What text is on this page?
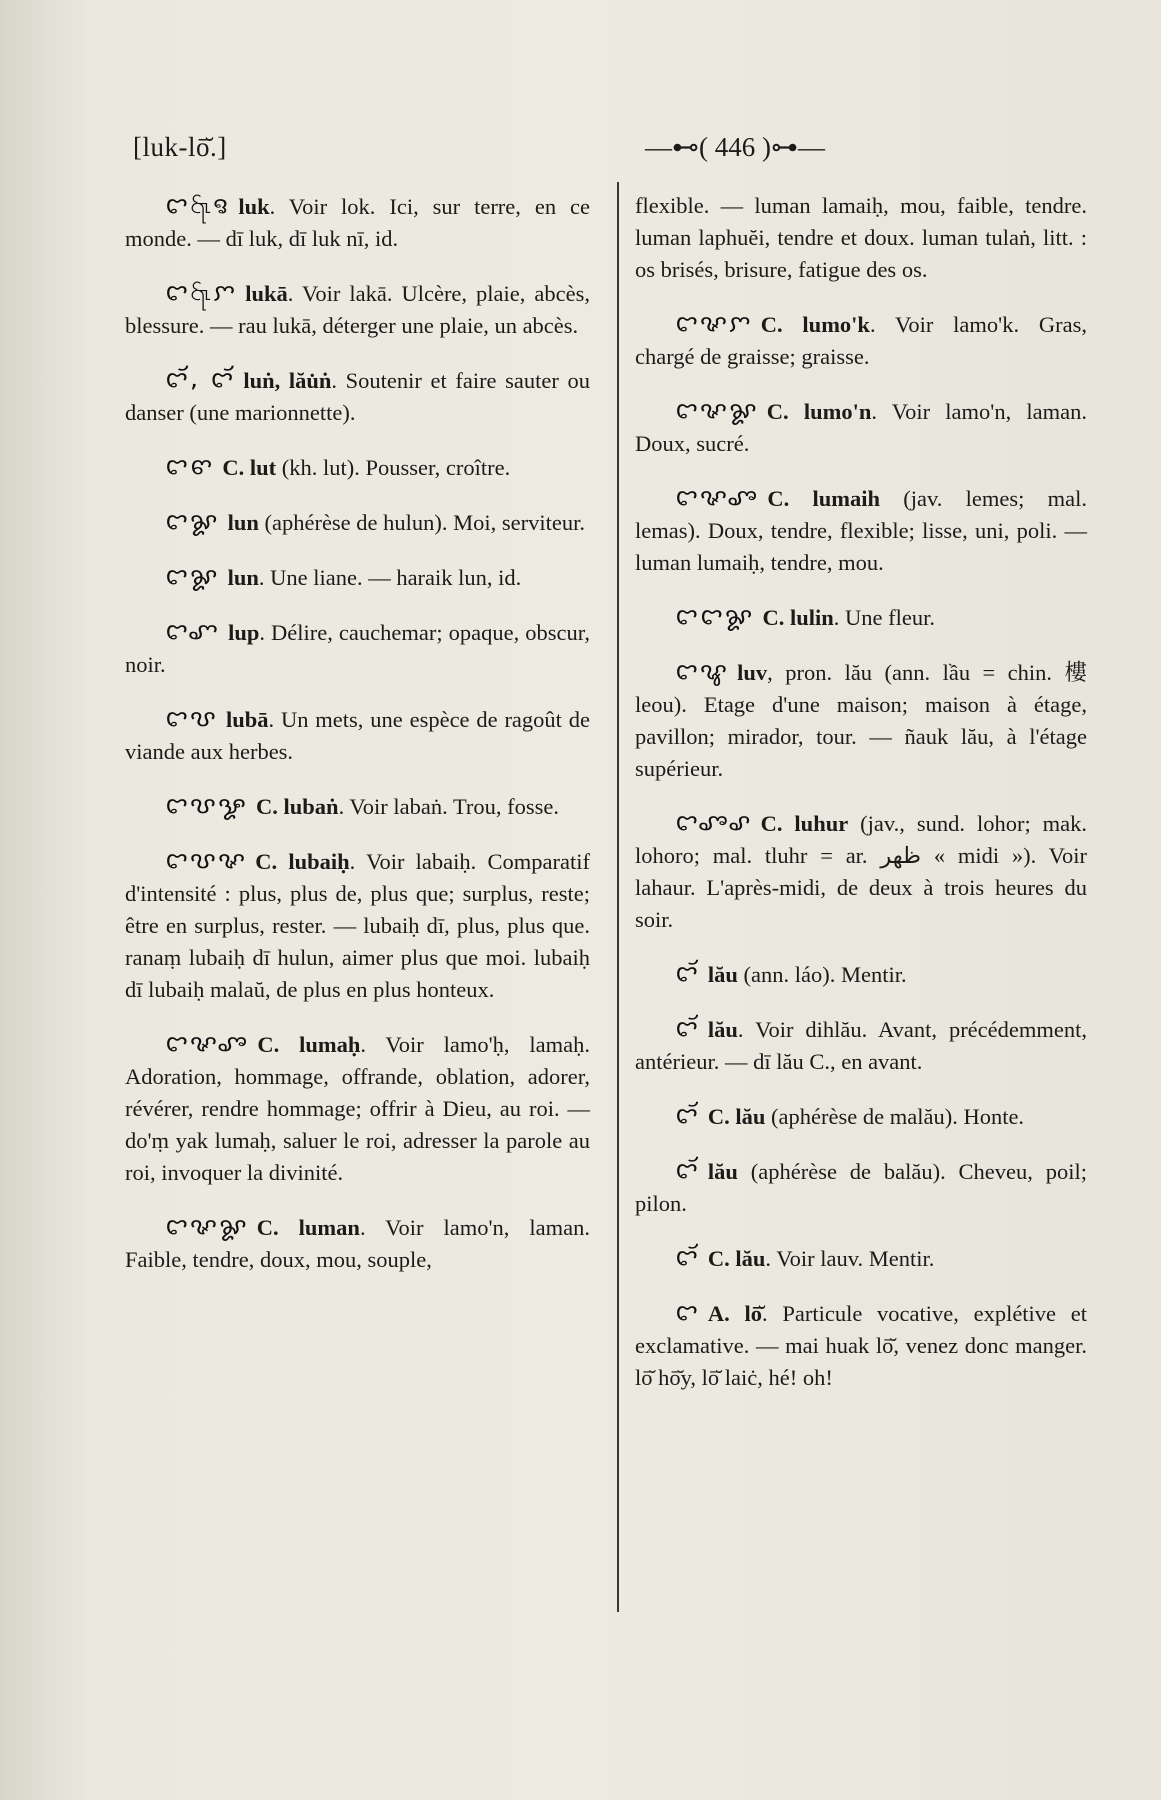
[luk-lō̆.]	—⊷( 446 )⊶—

ꨤ꩷ꨅ luk. Voir lok. Ici, sur terre, en ce monde. — dī luk, dī luk nī, id.

ꨤ꩷ꨆ lukā. Voir lakā. Ulcère, plaie, abcès, blessure. — rau lukā, déterger une plaie, un abcès.

ꨤꨮꨮ, ꨤꨮꨮ luṅ, lău̇ṅ. Soutenir et faire sauter ou danser (une marionnette).

ꨤꨓ C. lut (kh. lut). Pousser, croître.

ꨤꨙ lun (aphérèse de hulun). Moi, serviteur.

ꨤꨙ lun. Une liane. — haraik lun, id.

ꨤꨚ lup. Délire, cauchemar; opaque, obscur, noir.

ꨤꨝ lubā. Un mets, une espèce de ragoût de viande aux herbes.

ꨤꨝꨋ C. lubaṅ. Voir labaṅ. Trou, fosse.

ꨤꨝꨟ C. lubaiḥ. Voir labaiḥ. Comparatif d'intensité : plus, plus de, plus que; surplus, reste; être en surplus, rester. — lubaiḥ dī, plus, plus que. ranaṃ lubaiḥ dī hulun, aimer plus que moi. lubaiḥ dī lubaiḥ malaŭ, de plus en plus honteux.

ꨤꨟꨨ C. lumaḥ. Voir lamo'ḥ, lamaḥ. Adoration, hommage, offrande, oblation, adorer, révérer, rendre hommage; offrir à Dieu, au roi. — do'ṃ yak lumaḥ, saluer le roi, adresser la parole au roi, invoquer la divinité.

ꨤꨟꨙ C. luman. Voir lamo'n, laman. Faible, tendre, doux, mou, souple,

flexible. — luman lamaiḥ, mou, faible, tendre. luman laphuĕi, tendre et doux. luman tulaṅ, litt. : os brisés, brisure, fatigue des os.

ꨤꨟꨆ C. lumo'k. Voir lamo'k. Gras, chargé de graisse; graisse.

ꨤꨟꨙ C. lumo'n. Voir lamo'n, laman. Doux, sucré.

ꨤꨟꨨ C. lumaih (jav. lemes; mal. lemas). Doux, tendre, flexible; lisse, uni, poli. — luman lumaiḥ, tendre, mou.

ꨤꨤꨙ C. lulin. Une fleur.

ꨤꨥ luv, pron. lău (ann. lầu = chin. 樓 leou). Etage d'une maison; maison à étage, pavillon; mirador, tour. — ñauk lău, à l'étage supérieur.

ꨤꨨꨣ C. luhur (jav., sund. lohor; mak. lohoro; mal. tluhr = ar. ظهر « midi »). Voir lahaur. L'après-midi, de deux à trois heures du soir.

ꨤꨮ lău (ann. láo). Mentir.

ꨤꨮ lău. Voir dihlău. Avant, précédemment, antérieur. — dī lău C., en avant.

ꨤꨮ C. lău (aphérèse de malău). Honte.

ꨤꨮ lău (aphérèse de balău). Cheveu, poil; pilon.

ꨤꨮ C. lău. Voir lauv. Mentir.

ꨤ A. lō̆. Particule vocative, explétive et exclamative. — mai huak lō̆, venez donc manger. lō̆ hō̆y, lō̆ laiċ, hé! oh!
